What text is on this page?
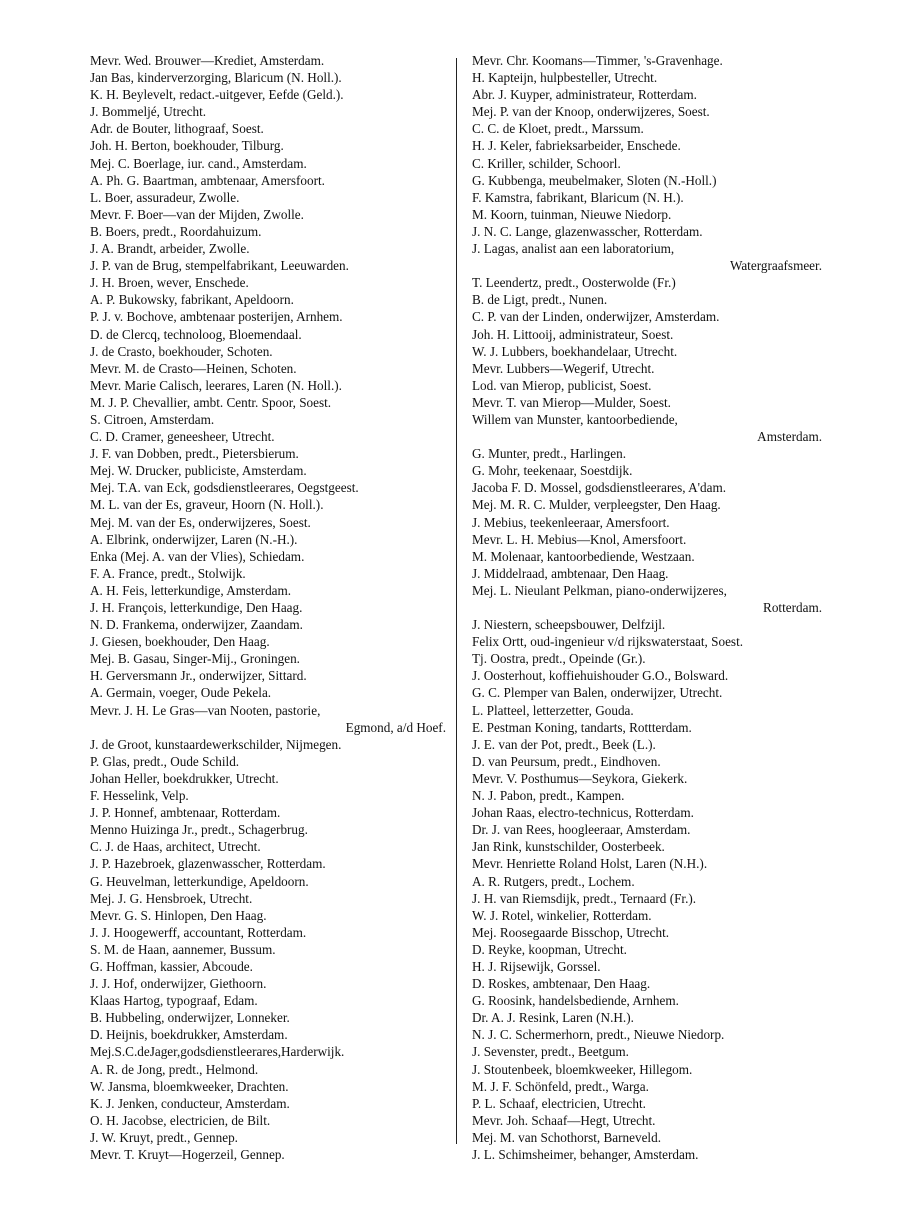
Mevr. Wed. Brouwer—Krediet, Amsterdam.
Jan Bas, kinderverzorging, Blaricum (N. Holl.).
K. H. Beylevelt, redact.-uitgever, Eefde (Geld.).
J. Bommeljé, Utrecht.
Adr. de Bouter, lithograaf, Soest.
Joh. H. Berton, boekhouder, Tilburg.
Mej. C. Boerlage, iur. cand., Amsterdam.
A. Ph. G. Baartman, ambtenaar, Amersfoort.
L. Boer, assuradeur, Zwolle.
Mevr. F. Boer—van der Mijden, Zwolle.
B. Boers, predt., Roordahuizum.
J. A. Brandt, arbeider, Zwolle.
J. P. van de Brug, stempelfabrikant, Leeuwarden.
J. H. Broen, wever, Enschede.
A. P. Bukowsky, fabrikant, Apeldoorn.
P. J. v. Bochove, ambtenaar posterijen, Arnhem.
D. de Clercq, technoloog, Bloemendaal.
J. de Crasto, boekhouder, Schoten.
Mevr. M. de Crasto—Heinen, Schoten.
Mevr. Marie Calisch, leerares, Laren (N. Holl.).
M. J. P. Chevallier, ambt. Centr. Spoor, Soest.
S. Citroen, Amsterdam.
C. D. Cramer, geneesheer, Utrecht.
J. F. van Dobben, predt., Pietersbierum.
Mej. W. Drucker, publiciste, Amsterdam.
Mej. T.A. van Eck, godsdienstleerares, Oegstgeest.
M. L. van der Es, graveur, Hoorn (N. Holl.).
Mej. M. van der Es, onderwijzeres, Soest.
A. Elbrink, onderwijzer, Laren (N.-H.).
Enka (Mej. A. van der Vlies), Schiedam.
F. A. France, predt., Stolwijk.
A. H. Feis, letterkundige, Amsterdam.
J. H. François, letterkundige, Den Haag.
N. D. Frankema, onderwijzer, Zaandam.
J. Giesen, boekhouder, Den Haag.
Mej. B. Gasau, Singer-Mij., Groningen.
H. Gerversmann Jr., onderwijzer, Sittard.
A. Germain, voeger, Oude Pekela.
Mevr. J. H. Le Gras—van Nooten, pastorie,
Egmond, a/d Hoef.
J. de Groot, kunstaardewerkschilder, Nijmegen.
P. Glas, predt., Oude Schild.
Johan Heller, boekdrukker, Utrecht.
F. Hesselink, Velp.
J. P. Honnef, ambtenaar, Rotterdam.
Menno Huizinga Jr., predt., Schagerbrug.
C. J. de Haas, architect, Utrecht.
J. P. Hazebroek, glazenwasscher, Rotterdam.
G. Heuvelman, letterkundige, Apeldoorn.
Mej. J. G. Hensbroek, Utrecht.
Mevr. G. S. Hinlopen, Den Haag.
J. J. Hoogewerff, accountant, Rotterdam.
S. M. de Haan, aannemer, Bussum.
G. Hoffman, kassier, Abcoude.
J. J. Hof, onderwijzer, Giethoorn.
Klaas Hartog, typograaf, Edam.
B. Hubbeling, onderwijzer, Lonneker.
D. Heijnis, boekdrukker, Amsterdam.
Mej.S.C.deJager,godsdienstleerares,Harderwijk.
A. R. de Jong, predt., Helmond.
W. Jansma, bloemkweeker, Drachten.
K. J. Jenken, conducteur, Amsterdam.
O. H. Jacobse, electricien, de Bilt.
J. W. Kruyt, predt., Gennep.
Mevr. T. Kruyt—Hogerzeil, Gennep.
Mevr. Chr. Koomans—Timmer, 's-Gravenhage.
H. Kapteijn, hulpbesteller, Utrecht.
Abr. J. Kuyper, administrateur, Rotterdam.
Mej. P. van der Knoop, onderwijzeres, Soest.
C. C. de Kloet, predt., Marssum.
H. J. Keler, fabrieksarbeider, Enschede.
C. Kriller, schilder, Schoorl.
G. Kubbenga, meubelmaker, Sloten (N.-Holl.)
F. Kamstra, fabrikant, Blaricum (N. H.).
M. Koorn, tuinman, Nieuwe Niedorp.
J. N. C. Lange, glazenwasscher, Rotterdam.
J. Lagas, analist aan een laboratorium,
Watergraafsmeer.
T. Leendertz, predt., Oosterwolde (Fr.)
B. de Ligt, predt., Nunen.
C. P. van der Linden, onderwijzer, Amsterdam.
Joh. H. Littooij, administrateur, Soest.
W. J. Lubbers, boekhandelaar, Utrecht.
Mevr. Lubbers—Wegerif, Utrecht.
Lod. van Mierop, publicist, Soest.
Mevr. T. van Mierop—Mulder, Soest.
Willem van Munster, kantoorbediende,
Amsterdam.
G. Munter, predt., Harlingen.
G. Mohr, teekenaar, Soestdijk.
Jacoba F. D. Mossel, godsdienstleerares, A'dam.
Mej. M. R. C. Mulder, verpleegster, Den Haag.
J. Mebius, teekenleeraar, Amersfoort.
Mevr. L. H. Mebius—Knol, Amersfoort.
M. Molenaar, kantoorbediende, Westzaan.
J. Middelraad, ambtenaar, Den Haag.
Mej. L. Nieulant Pelkman, piano-onderwijzeres,
Rotterdam.
J. Niestern, scheepsbouwer, Delfzijl.
Felix Ortt, oud-ingenieur v/d rijkswaterstaat, Soest.
Tj. Oostra, predt., Opeinde (Gr.).
J. Oosterhout, koffiehuishouder G.O., Bolsward.
G. C. Plemper van Balen, onderwijzer, Utrecht.
L. Platteel, letterzetter, Gouda.
E. Pestman Koning, tandarts, Rottterdam.
J. E. van der Pot, predt., Beek (L.).
D. van Peursum, predt., Eindhoven.
Mevr. V. Posthumus—Seykora, Giekerk.
N. J. Pabon, predt., Kampen.
Johan Raas, electro-technicus, Rotterdam.
Dr. J. van Rees, hoogleeraar, Amsterdam.
Jan Rink, kunstschilder, Oosterbeek.
Mevr. Henriette Roland Holst, Laren (N.H.).
A. R. Rutgers, predt., Lochem.
J. H. van Riemsdijk, predt., Ternaard (Fr.).
W. J. Rotel, winkelier, Rotterdam.
Mej. Roosegaarde Bisschop, Utrecht.
D. Reyke, koopman, Utrecht.
H. J. Rijsewijk, Gorssel.
D. Roskes, ambtenaar, Den Haag.
G. Roosink, handelsbediende, Arnhem.
Dr. A. J. Resink, Laren (N.H.).
N. J. C. Schermerhorn, predt., Nieuwe Niedorp.
J. Sevenster, predt., Beetgum.
J. Stoutenbeek, bloemkweeker, Hillegom.
M. J. F. Schönfeld, predt., Warga.
P. L. Schaaf, electricien, Utrecht.
Mevr. Joh. Schaaf—Hegt, Utrecht.
Mej. M. van Schothorst, Barneveld.
J. L. Schimsheimer, behanger, Amsterdam.
